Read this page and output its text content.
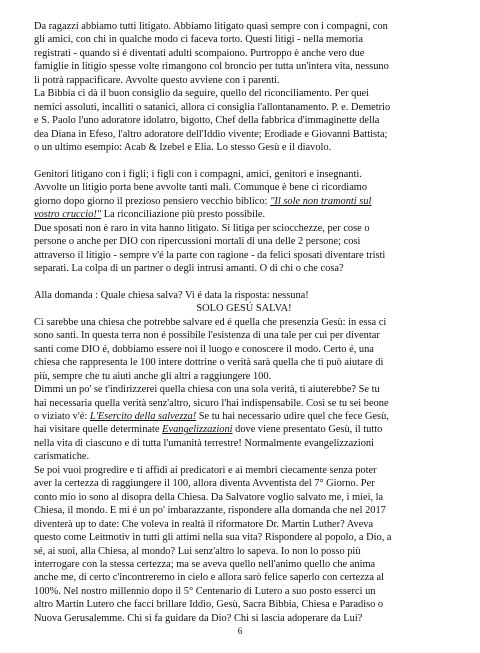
Da ragazzi abbiamo tutti litigato. Abbiamo litigato quasi sempre con i compagni, con

gli amici, con chi in qualche modo ci faceva torto. Questi litigi - nella memoria

registrati - quando si é diventati adulti scompaiono. Purtroppo è anche vero due

famiglie in litigio spesse volte rimangono col broncio per tutta un'intera vita, nessuno

li potrà rappacificare. Avvolte questo avviene con i parenti.

La Bibbia ci dà il buon consiglio da seguire, quello del riconciliamento. Per quei

nemici assoluti, incalliti o satanici, allora ci consiglia l'allontanamento. P. e. Demetrio

e S. Paolo l'uno adoratore idolatro, bigotto, Chef della fabbrica d'immaginette della

dea Diana in Efeso, l'altro adoratore dell'Iddio vivente; Erodiade e Giovanni Battista;

o un ultimo esempio: Acab & Izebel e Elia. Lo stesso Gesù e il diavolo.

Genitori litigano con i figli; i figli con i compagni, amici, genitori e insegnanti.

Avvolte un litigio porta bene avvolte tanti mali. Comunque è bene ci ricordiamo

giorno dopo giorno il prezioso pensiero vecchio biblico: "Il sole non tramonti sul

vostro cruccio!" La riconciliazione più presto possibile.

Due sposati non è raro in vita hanno litigato. Si litiga per sciocchezze, per cose o

persone o anche per DIO con ripercussioni mortali di una delle 2 persone; così

attraverso il litigio - sempre v'é la parte con ragione - da felici sposati diventare tristi

separati. La colpa di un partner o degli intrusi amanti. O di chi o che cosa?

Alla domanda : Quale chiesa salva? Vi é data la risposta: nessuna!

SOLO GESÚ SALVA!

Ci sarebbe una chiesa che potrebbe salvare ed é quella che presenzia Gesù: in essa ci

sono santi. In questa terra non é possibile l'esistenza di una tale per cui per diventar

santi come DIO é, dobbiamo essere noi il luogo e conoscere il modo. Certo é, una

chiesa che rappresenta le 100 intere dottrine o verità sarà quella che ti può aiutare di

più, sempre che tu aiuti anche gli altri a raggiungere 100.

Dimmi un po' se t'indirizzerei quella chiesa con una sola verità, ti aiuterebbe? Se tu

hai necessaria quella verità senz'altro, sicuro l'hai indispensabile. Così se tu sei beone

o viziato v'é: L'Esercito della salvezza! Se tu hai necessario udire quel che fece Gesù,

hai visitare quelle determinate Evangelizzazioni dove viene presentato Gesù, il tutto

nella vita di ciascuno e di tutta l'umanità terrestre! Normalmente evangelizzazioni

carismatiche.

Se poi vuoi progredire e ti affidi ai predicatori e ai membri ciecamente senza poter

aver la certezza di raggiungere il 100, allora diventa Avventista del 7° Giorno. Per

conto mio io sono al disopra della Chiesa. Da Salvatore voglio salvato me, i miei, la

Chiesa, il mondo. E mi é un po' imbarazzante, rispondere alla domanda che nel 2017

diventerà up to date: Che voleva in realtà il riformatore Dr. Martin Luther? Aveva

questo come Leitmotiv in tutti gli attimi nella sua vita? Rispondere al popolo, a Dio, a

sé, ai suoi, alla Chiesa, al mondo? Lui senz'altro lo sapeva. Io non lo posso più

interrogare con la stessa certezza; ma se aveva quello nell'animo quello che anima

anche me, di certo c'incontreremo in cielo e allora sarò felice saperlo con certezza al

100%. Nel nostro millennio dopo il 5° Centenario di Lutero a suo posto esserci un

altro Martin Lutero che facci brillare Iddio, Gesù, Sacra Bibbia, Chiesa e Paradiso o

Nuova Gerusalemme. Chi si fa guidare da Dio? Chi si lascia adoperare da Lui?

6
